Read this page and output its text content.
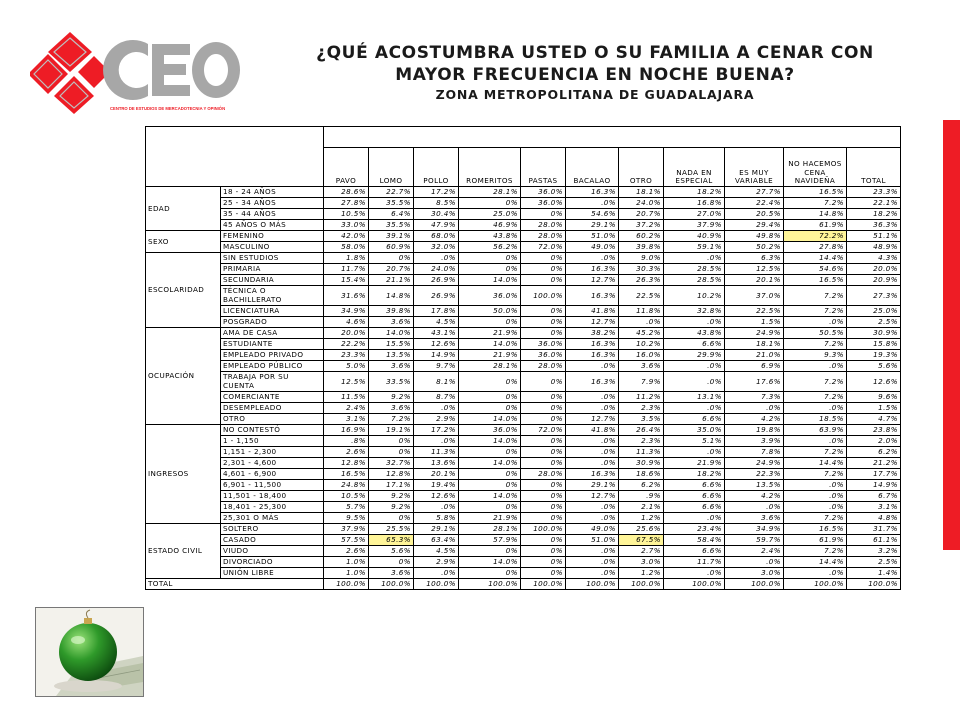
CENTRO DE ESTUDIOS DE MERCADOTECNIA Y OPINIÓN
¿QUÉ ACOSTUMBRA USTED O SU FAMILIA A CENAR CON
MAYOR FRECUENCIA EN NOCHE BUENA?
ZONA METROPOLITANA DE GUADALAJARA

		PAVO	LOMO	POLLO	ROMERITOS	PASTAS	BACALAO	OTRO	NADA EN ESPECIAL	ES MUY VARIABLE	NO HACEMOS CENA NAVIDEÑA	TOTAL
EDAD	18 - 24 AÑOS	28.6%	22.7%	17.2%	28.1%	36.0%	16.3%	18.1%	18.2%	27.7%	16.5%	23.3%
	25 - 34 AÑOS	27.8%	35.5%	8.5%	0%	36.0%	.0%	24.0%	16.8%	22.4%	7.2%	22.1%
	35 - 44 AÑOS	10.5%	6.4%	30.4%	25.0%	0%	54.6%	20.7%	27.0%	20.5%	14.8%	18.2%
	45 AÑOS O MÁS	33.0%	35.5%	47.9%	46.9%	28.0%	29.1%	37.2%	37.9%	29.4%	61.9%	36.3%
SEXO	FEMENINO	42.0%	39.1%	68.0%	43.8%	28.0%	51.0%	60.2%	40.9%	49.8%	72.2%	51.1%
	MASCULINO	58.0%	60.9%	32.0%	56.2%	72.0%	49.0%	39.8%	59.1%	50.2%	27.8%	48.9%
ESCOLARIDAD	SIN ESTUDIOS	1.8%	0%	.0%	0%	0%	.0%	9.0%	.0%	6.3%	14.4%	4.3%
	PRIMARIA	11.7%	20.7%	24.0%	0%	0%	16.3%	30.3%	28.5%	12.5%	54.6%	20.0%
	SECUNDARIA	15.4%	21.1%	26.9%	14.0%	0%	12.7%	26.3%	28.5%	20.1%	16.5%	20.9%
	TÉCNICA O BACHILLERATO	31.6%	14.8%	26.9%	36.0%	100.0%	16.3%	22.5%	10.2%	37.0%	7.2%	27.3%
	LICENCIATURA	34.9%	39.8%	17.8%	50.0%	0%	41.8%	11.8%	32.8%	22.5%	7.2%	25.0%
	POSGRADO	4.6%	3.6%	4.5%	0%	0%	12.7%	.0%	.0%	1.5%	.0%	2.5%
OCUPACIÓN	AMA DE CASA	20.0%	14.0%	43.1%	21.9%	0%	38.2%	45.2%	43.8%	24.9%	50.5%	30.9%
	ESTUDIANTE	22.2%	15.5%	12.6%	14.0%	36.0%	16.3%	10.2%	6.6%	18.1%	7.2%	15.8%
	EMPLEADO PRIVADO	23.3%	13.5%	14.9%	21.9%	36.0%	16.3%	16.0%	29.9%	21.0%	9.3%	19.3%
	EMPLEADO PÚBLICO	5.0%	3.6%	9.7%	28.1%	28.0%	.0%	3.6%	.0%	6.9%	.0%	5.6%
	TRABAJA POR SU CUENTA	12.5%	33.5%	8.1%	0%	0%	16.3%	7.9%	.0%	17.6%	7.2%	12.6%
	COMERCIANTE	11.5%	9.2%	8.7%	0%	0%	.0%	11.2%	13.1%	7.3%	7.2%	9.6%
	DESEMPLEADO	2.4%	3.6%	.0%	0%	0%	.0%	2.3%	.0%	.0%	.0%	1.5%
	OTRO	3.1%	7.2%	2.9%	14.0%	0%	12.7%	3.5%	6.6%	4.2%	18.5%	4.7%
INGRESOS	NO CONTESTÓ	16.9%	19.1%	17.2%	36.0%	72.0%	41.8%	26.4%	35.0%	19.8%	63.9%	23.8%
	1 - 1,150	.8%	0%	.0%	14.0%	0%	.0%	2.3%	5.1%	3.9%	.0%	2.0%
	1,151 - 2,300	2.6%	0%	11.3%	0%	0%	.0%	11.3%	.0%	7.8%	7.2%	6.2%
	2,301 - 4,600	12.8%	32.7%	13.6%	14.0%	0%	.0%	30.9%	21.9%	24.9%	14.4%	21.2%
	4,601 - 6,900	16.5%	12.8%	20.1%	0%	28.0%	16.3%	18.6%	18.2%	22.3%	7.2%	17.7%
	6,901 - 11,500	24.8%	17.1%	19.4%	0%	0%	29.1%	6.2%	6.6%	13.5%	.0%	14.9%
	11,501 - 18,400	10.5%	9.2%	12.6%	14.0%	0%	12.7%	.9%	6.6%	4.2%	.0%	6.7%
	18,401 - 25,300	5.7%	9.2%	.0%	0%	0%	.0%	2.1%	6.6%	.0%	.0%	3.1%
	25,301 O MÁS	9.5%	0%	5.8%	21.9%	0%	.0%	1.2%	.0%	3.6%	7.2%	4.8%
ESTADO CIVIL	SOLTERO	37.9%	25.5%	29.1%	28.1%	100.0%	49.0%	25.6%	23.4%	34.9%	16.5%	31.7%
	CASADO	57.5%	65.3%	63.4%	57.9%	0%	51.0%	67.5%	58.4%	59.7%	61.9%	61.1%
	VIUDO	2.6%	5.6%	4.5%	0%	0%	.0%	2.7%	6.6%	2.4%	7.2%	3.2%
	DIVORCIADO	1.0%	0%	2.9%	14.0%	0%	.0%	3.0%	11.7%	.0%	14.4%	2.5%
	UNIÓN LIBRE	1.0%	3.6%	.0%	0%	0%	.0%	1.2%	.0%	3.0%	.0%	1.4%
TOTAL		100.0%	100.0%	100.0%	100.0%	100.0%	100.0%	100.0%	100.0%	100.0%	100.0%	100.0%
